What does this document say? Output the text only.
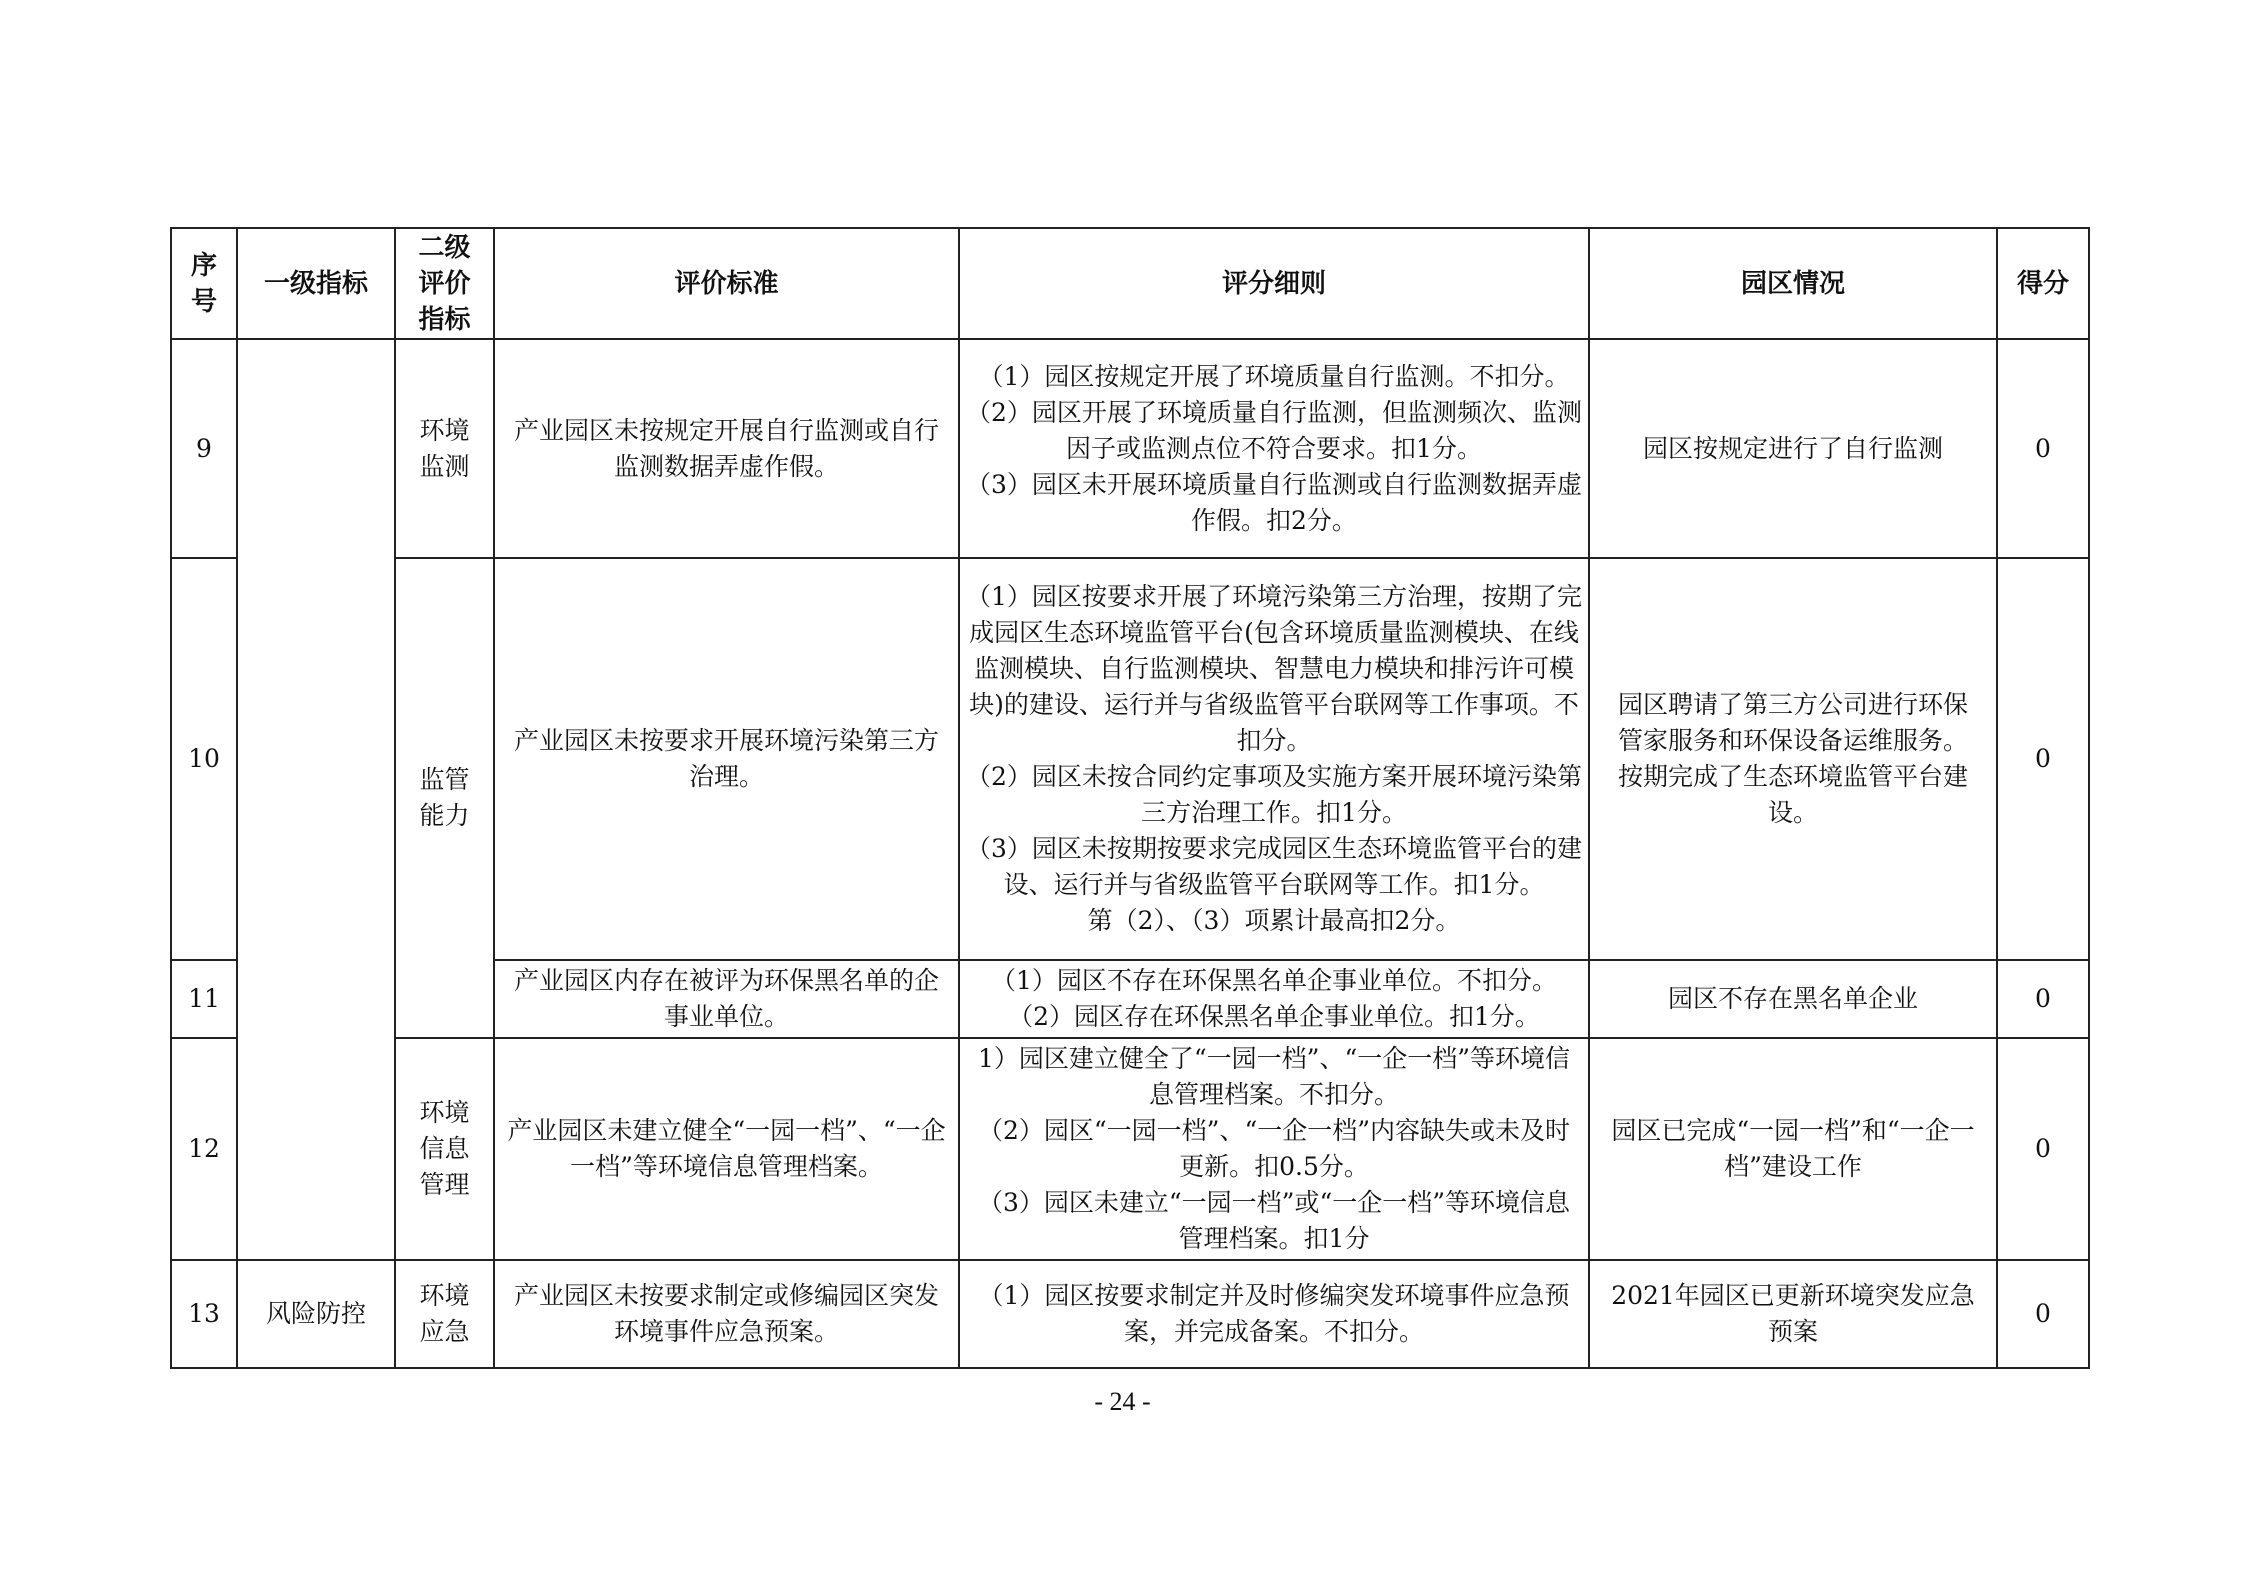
序号	一级指标	二级评价指标	评价标准	评分细则	园区情况	得分
9		环境监测	产业园区未按规定开展自行监测或自行监测数据弄虚作假。	（1）园区按规定开展了环境质量自行监测。不扣分。
（2）园区开展了环境质量自行监测，但监测频次、监测因子或监测点位不符合要求。扣1分。
（3）园区未开展环境质量自行监测或自行监测数据弄虚作假。扣2分。	园区按规定进行了自行监测	0
10		监管能力	产业园区未按要求开展环境污染第三方治理。	（1）园区按要求开展了环境污染第三方治理，按期了完成园区生态环境监管平台(包含环境质量监测模块、在线监测模块、自行监测模块、智慧电力模块和排污许可模块)的建设、运行并与省级监管平台联网等工作事项。不扣分。
（2）园区未按合同约定事项及实施方案开展环境污染第三方治理工作。扣1分。
（3）园区未按期按要求完成园区生态环境监管平台的建设、运行并与省级监管平台联网等工作。扣1分。
第（2）、（3）项累计最高扣2分。	园区聘请了第三方公司进行环保管家服务和环保设备运维服务。按期完成了生态环境监管平台建设。	0
11			产业园区内存在被评为环保黑名单的企事业单位。	（1）园区不存在环保黑名单企事业单位。不扣分。
（2）园区存在环保黑名单企事业单位。扣1分。	园区不存在黑名单企业	0
12		环境信息管理	产业园区未建立健全“一园一档”、“一企一档”等环境信息管理档案。	1）园区建立健全了“一园一档”、“一企一档”等环境信息管理档案。不扣分。
（2）园区“一园一档”、“一企一档”内容缺失或未及时更新。扣0.5分。
（3）园区未建立“一园一档”或“一企一档”等环境信息管理档案。扣1分	园区已完成“一园一档”和“一企一档”建设工作	0
13	风险防控	环境应急	产业园区未按要求制定或修编园区突发环境事件应急预案。	（1）园区按要求制定并及时修编突发环境事件应急预案，并完成备案。不扣分。	2021年园区已更新环境突发应急预案	0
- 24 -
